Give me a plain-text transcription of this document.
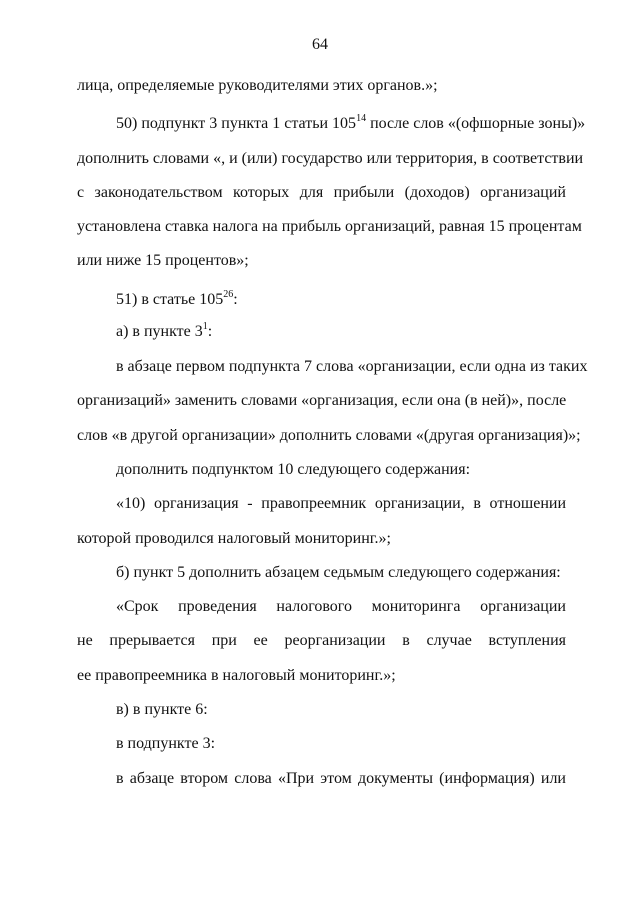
64
лица, определяемые руководителями этих органов.»;
50) подпункт 3 пункта 1 статьи $105^{14}$ после слов «(офшорные зоны)»
дополнить словами «, и (или) государство или территория, в соответствии
с законодательством которых для прибыли (доходов) организаций
установлена ставка налога на прибыль организаций, равная 15 процентам
или ниже 15 процентов»;
51) в статье $105^{26}$:
а) в пункте $3^1$:
в абзаце первом подпункта 7 слова «организации, если одна из таких
организаций» заменить словами «организация, если она (в ней)», после
слов «в другой организации» дополнить словами «(другая организация)»;
дополнить подпунктом 10 следующего содержания:
«10) организация - правопреемник организации, в отношении
которой проводился налоговый мониторинг.»;
б) пункт 5 дополнить абзацем седьмым следующего содержания:
«Срок проведения налогового мониторинга организации
не прерывается при ее реорганизации в случае вступления
ее правопреемника в налоговый мониторинг.»;
в) в пункте 6:
в подпункте 3:
в абзаце втором слова «При этом документы (информация) или
